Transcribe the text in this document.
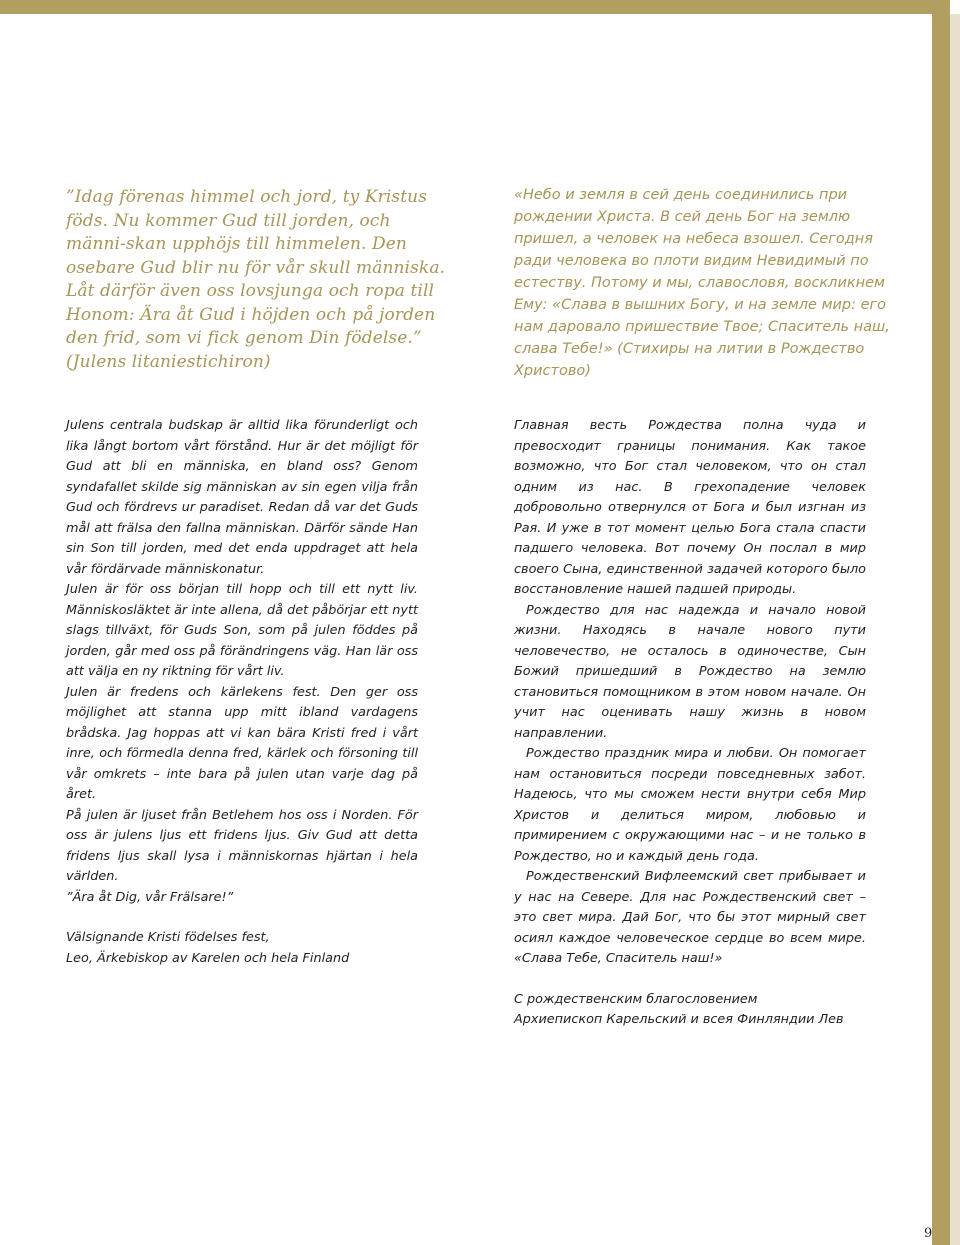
”Idag förenas himmel och jord, ty Kristus föds. Nu kommer Gud till jorden, och männi-skan upphöjs till himmelen. Den osebare Gud blir nu för vår skull människa. Låt därför även oss lovsjunga och ropa till Honom: Ära åt Gud i höjden och på jorden den frid, som vi fick genom Din födelse.” (Julens litaniestichiron)

«Небо и земля в сей день соединились при рождении Христа. В сей день Бог на землю пришел, а человек на небеса взошел. Сегодня ради человека во плоти видим Невидимый по естеству. Потому и мы, славословя, воскликнем Ему: «Слава в вышних Богу, и на земле мир: его нам даровало пришествие Твое; Спаситель наш, слава Тебе!» (Стихиры на литии в Рождество Христово)

Julens centrala budskap är alltid lika förunderligt och lika långt bortom vårt förstånd. Hur är det möjligt för Gud att bli en människa, en bland oss? Genom syndafallet skilde sig människan av sin egen vilja från Gud och fördrevs ur paradiset. Redan då var det Guds mål att frälsa den fallna människan. Därför sände Han sin Son till jorden, med det enda uppdraget att hela vår fördärvade människonatur.

Julen är för oss början till hopp och till ett nytt liv. Människosläktet är inte allena, då det påbörjar ett nytt slags tillväxt, för Guds Son, som på julen föddes på jorden, går med oss på förändringens väg. Han lär oss att välja en ny riktning för vårt liv.

Julen är fredens och kärlekens fest. Den ger oss möjlighet att stanna upp mitt ibland vardagens brådska. Jag hoppas att vi kan bära Kristi fred i vårt inre, och förmedla denna fred, kärlek och försoning till vår omkrets – inte bara på julen utan varje dag på året.

På julen är ljuset från Betlehem hos oss i Norden. För oss är julens ljus ett fridens ljus. Giv Gud att detta fridens ljus skall lysa i människornas hjärtan i hela världen.

”Ära åt Dig, vår Frälsare!”

Välsignande Kristi födelses fest,

Leo, Ärkebiskop av Karelen och hela Finland

Главная весть Рождества полна чуда и превосходит границы понимания. Как такое возможно, что Бог стал человеком, что он стал одним из нас. В грехопадение человек добровольно отвернулся от Бога и был изгнан из Рая. И уже в тот момент целью Бога стала спасти падшего человека. Вот почему Он послал в мир своего Сына, единственной задачей которого было восстановление нашей падшей природы.

Рождество для нас надежда и начало новой жизни. Находясь в начале нового пути человечество, не осталось в одиночестве, Сын Божий пришедший в Рождество на землю становиться помощником в этом новом начале. Он учит нас оценивать нашу жизнь в новом направлении.

Рождество праздник мира и любви. Он помогает нам остановиться посреди повседневных забот. Надеюсь, что мы сможем нести внутри себя Мир Христов и делиться миром, любовью и примирением с окружающими нас – и не только в Рождество, но и каждый день года.

Рождественский Вифлеемский свет прибывает и у нас на Севере. Для нас Рождественский свет – это свет мира. Дай Бог, что бы этот мирный свет осиял каждое человеческое сердце во всем мире. «Слава Тебе, Спаситель наш!»

С рождественским благословением

Архиепископ Карельский и всея Финляндии Лев

9
